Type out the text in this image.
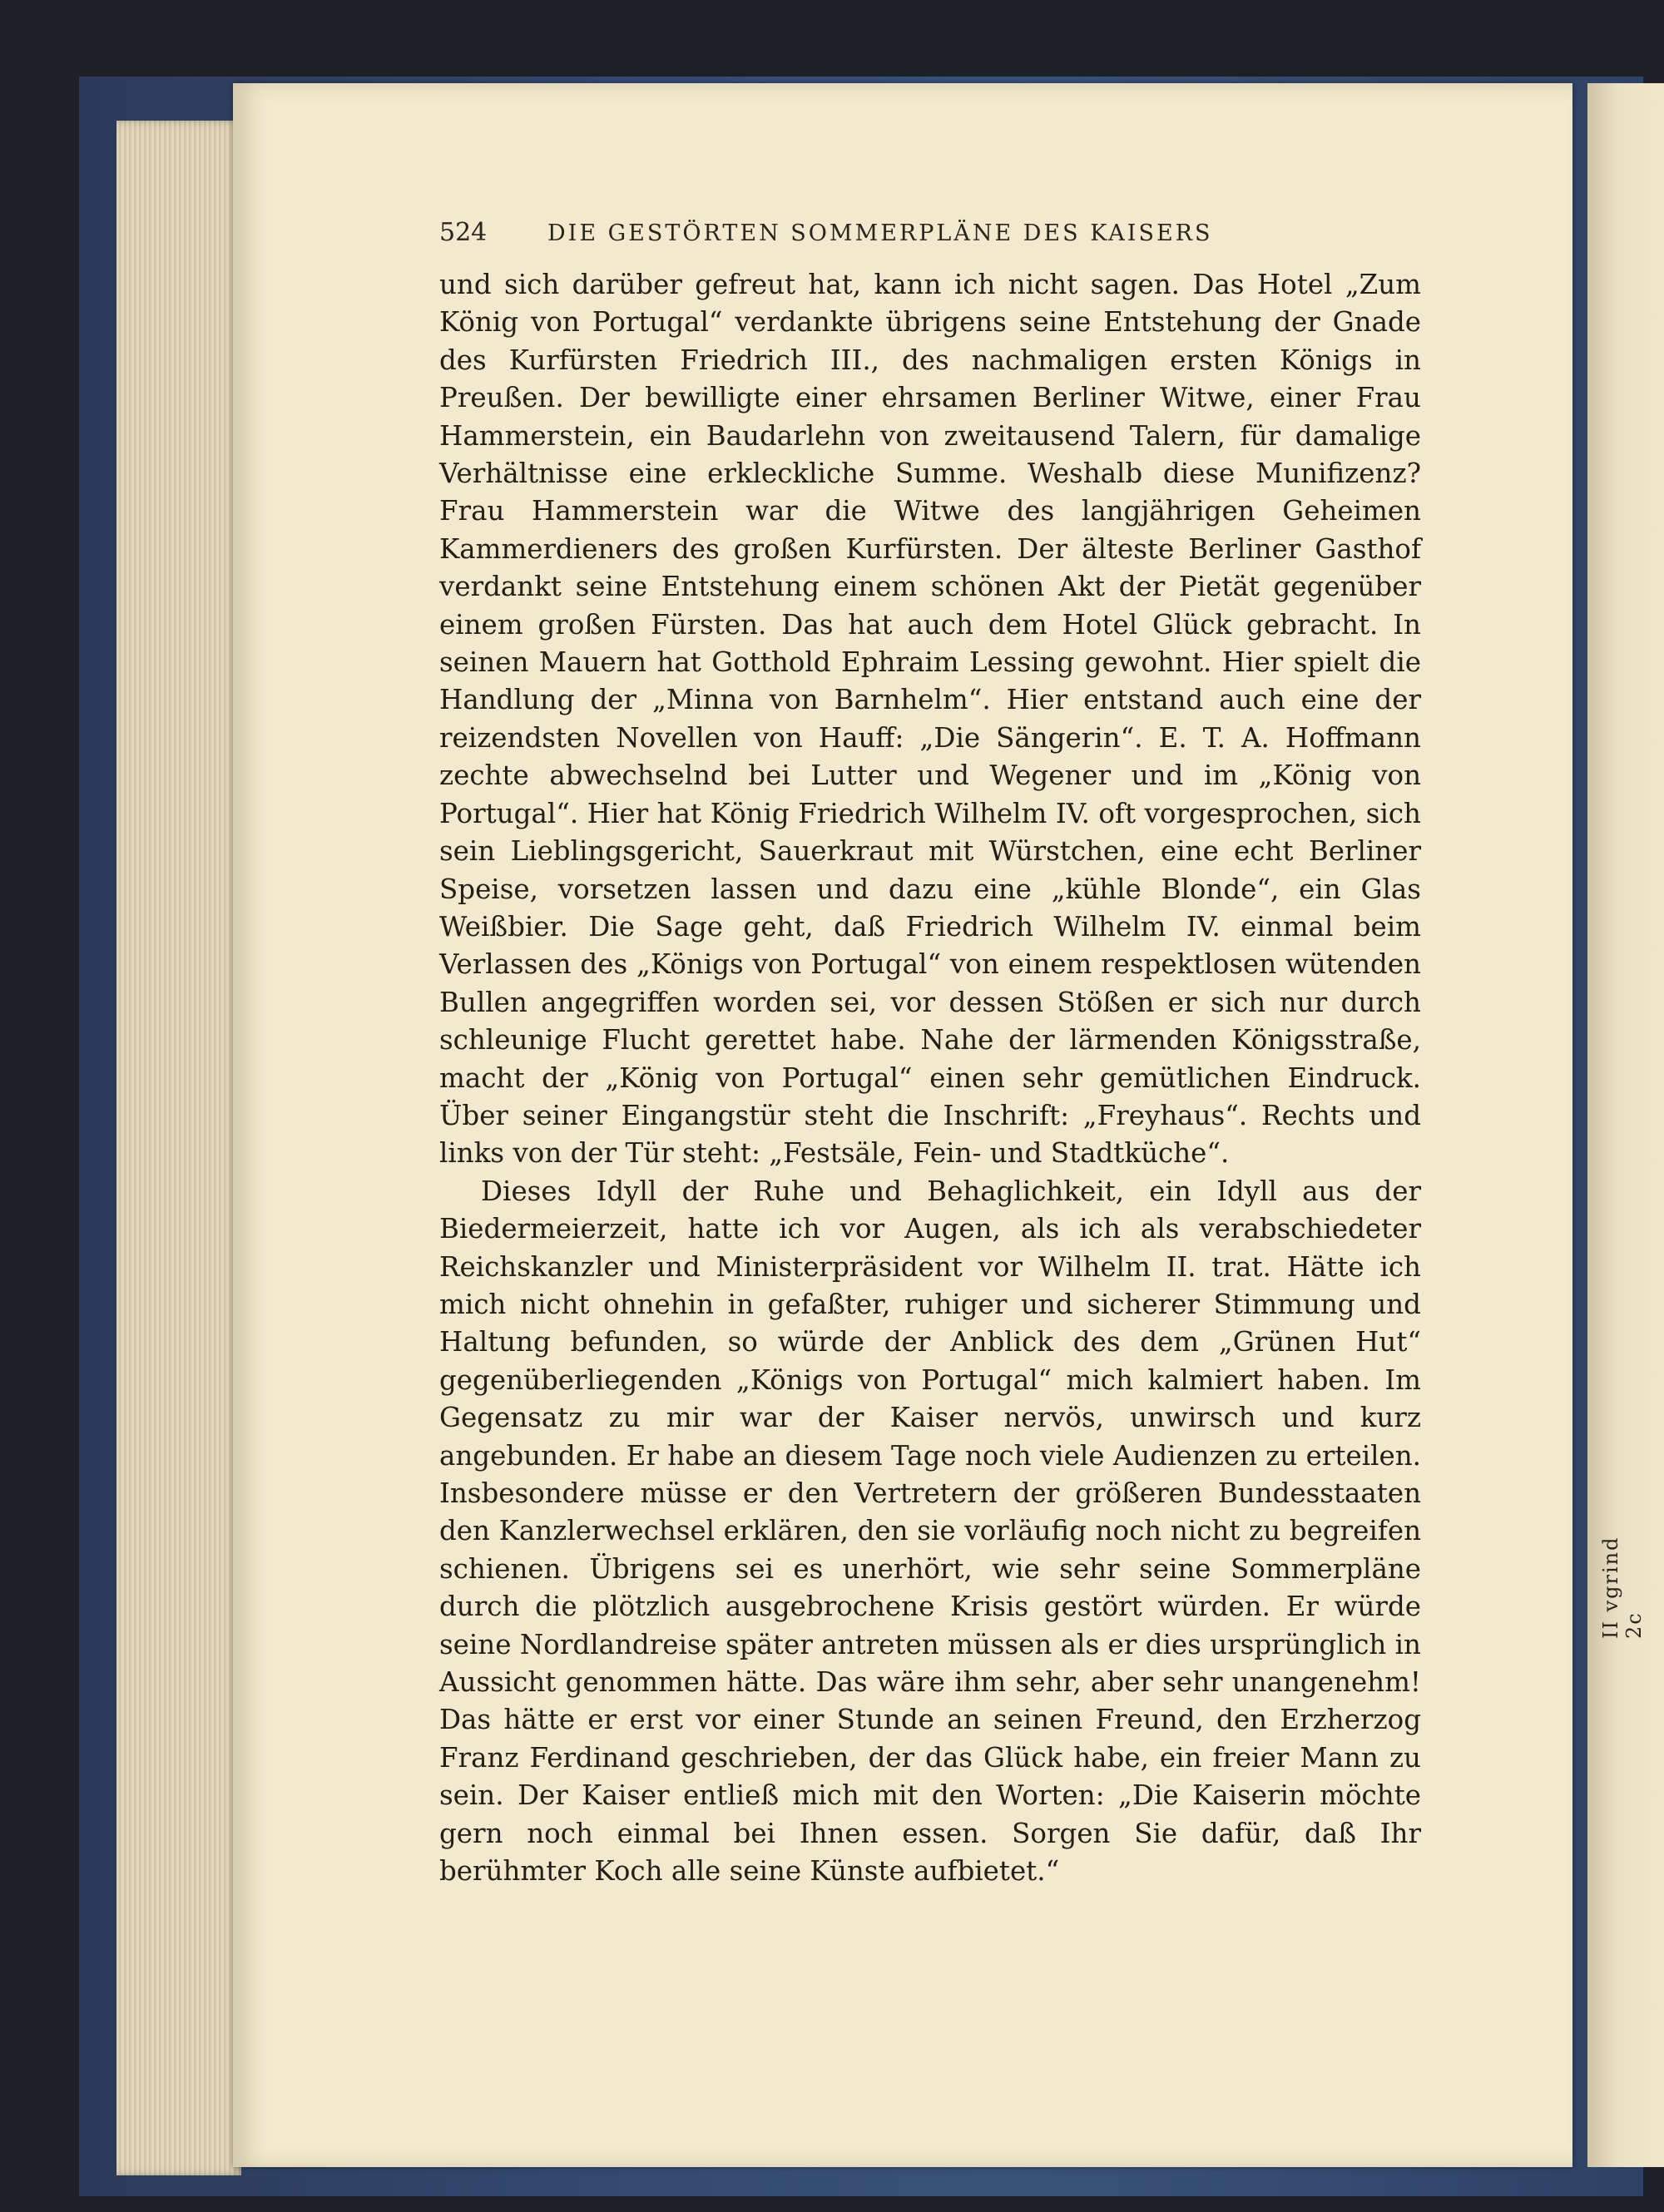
II vgrind 2c
524	DIE GESTÖRTEN SOMMERPLÄNE DES KAISERS

und sich darüber gefreut hat, kann ich nicht sagen. Das Hotel „Zum König von Portugal“ verdankte übrigens seine Entstehung der Gnade des Kurfürsten Friedrich III., des nachmaligen ersten Königs in Preußen. Der bewilligte einer ehrsamen Berliner Witwe, einer Frau Hammerstein, ein Baudarlehn von zweitausend Talern, für damalige Verhältnisse eine erkleckliche Summe. Weshalb diese Munifizenz? Frau Hammerstein war die Witwe des langjährigen Geheimen Kammerdieners des großen Kurfürsten. Der älteste Berliner Gasthof verdankt seine Entstehung einem schönen Akt der Pietät gegenüber einem großen Fürsten. Das hat auch dem Hotel Glück gebracht. In seinen Mauern hat Gotthold Ephraim Lessing gewohnt. Hier spielt die Handlung der „Minna von Barnhelm“. Hier entstand auch eine der reizendsten Novellen von Hauff: „Die Sängerin“. E. T. A. Hoffmann zechte abwechselnd bei Lutter und Wegener und im „König von Portugal“. Hier hat König Friedrich Wilhelm IV. oft vorgesprochen, sich sein Lieblingsgericht, Sauerkraut mit Würstchen, eine echt Berliner Speise, vorsetzen lassen und dazu eine „kühle Blonde“, ein Glas Weißbier. Die Sage geht, daß Friedrich Wilhelm IV. einmal beim Verlassen des „Königs von Portugal“ von einem respektlosen wütenden Bullen angegriffen worden sei, vor dessen Stößen er sich nur durch schleunige Flucht gerettet habe. Nahe der lärmenden Königsstraße, macht der „König von Portugal“ einen sehr gemütlichen Eindruck. Über seiner Eingangstür steht die Inschrift: „Freyhaus“. Rechts und links von der Tür steht: „Festsäle, Fein- und Stadtküche“.

Dieses Idyll der Ruhe und Behaglichkeit, ein Idyll aus der Biedermeierzeit, hatte ich vor Augen, als ich als verabschiedeter Reichskanzler und Ministerpräsident vor Wilhelm II. trat. Hätte ich mich nicht ohnehin in gefaßter, ruhiger und sicherer Stimmung und Haltung befunden, so würde der Anblick des dem „Grünen Hut“ gegenüberliegenden „Königs von Portugal“ mich kalmiert haben. Im Gegensatz zu mir war der Kaiser nervös, unwirsch und kurz angebunden. Er habe an diesem Tage noch viele Audienzen zu erteilen. Insbesondere müsse er den Vertretern der größeren Bundesstaaten den Kanzlerwechsel erklären, den sie vorläufig noch nicht zu begreifen schienen. Übrigens sei es unerhört, wie sehr seine Sommerpläne durch die plötzlich ausgebrochene Krisis gestört würden. Er würde seine Nordlandreise später antreten müssen als er dies ursprünglich in Aussicht genommen hätte. Das wäre ihm sehr, aber sehr unangenehm! Das hätte er erst vor einer Stunde an seinen Freund, den Erzherzog Franz Ferdinand geschrieben, der das Glück habe, ein freier Mann zu sein. Der Kaiser entließ mich mit den Worten: „Die Kaiserin möchte gern noch einmal bei Ihnen essen. Sorgen Sie dafür, daß Ihr berühmter Koch alle seine Künste aufbietet.“
